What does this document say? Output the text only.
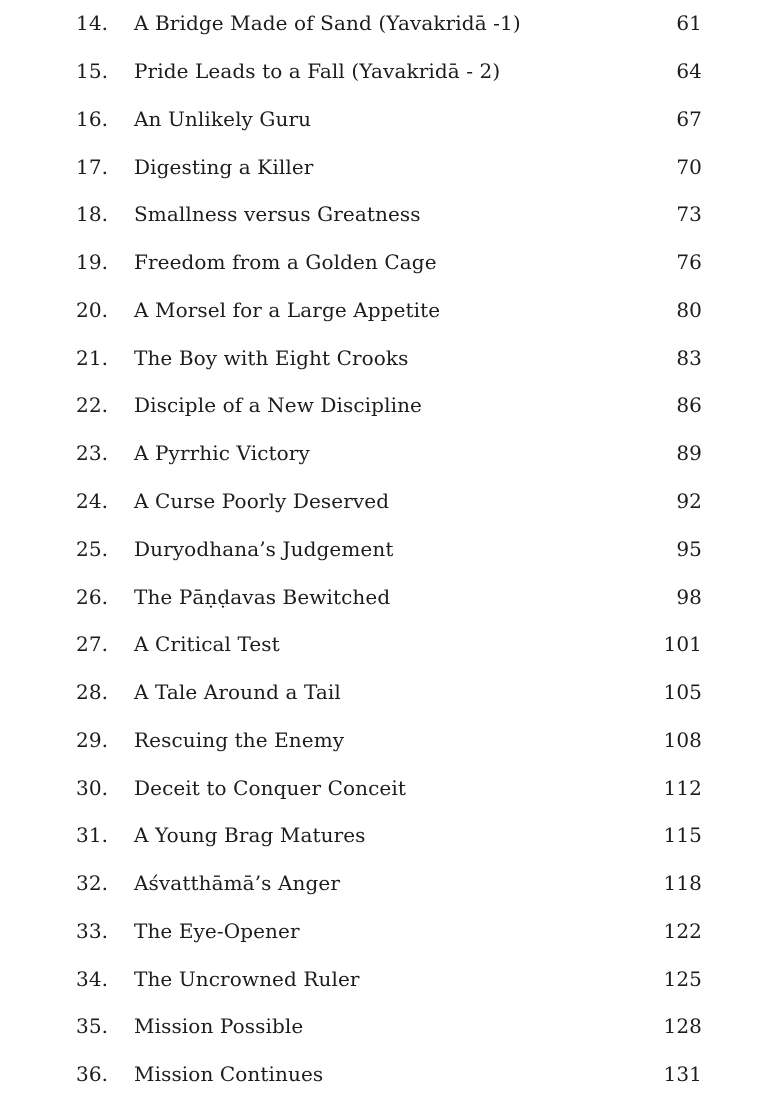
14.	A Bridge Made of Sand (Yavakridā -1)	61
15.	Pride Leads to a Fall (Yavakridā - 2)	64
16.	An Unlikely Guru	67
17.	Digesting a Killer	70
18.	Smallness versus Greatness	73
19.	Freedom from a Golden Cage	76
20.	A Morsel for a Large Appetite	80
21.	The Boy with Eight Crooks	83
22.	Disciple of a New Discipline	86
23.	A Pyrrhic Victory	89
24.	A Curse Poorly Deserved	92
25.	Duryodhana’s Judgement	95
26.	The Pāṇḍavas Bewitched	98
27.	A Critical Test	101
28.	A Tale Around a Tail	105
29.	Rescuing the Enemy	108
30.	Deceit to Conquer Conceit	112
31.	A Young Brag Matures	115
32.	Aśvatthāmā’s Anger	118
33.	The Eye-Opener	122
34.	The Uncrowned Ruler	125
35.	Mission Possible	128
36.	Mission Continues	131
